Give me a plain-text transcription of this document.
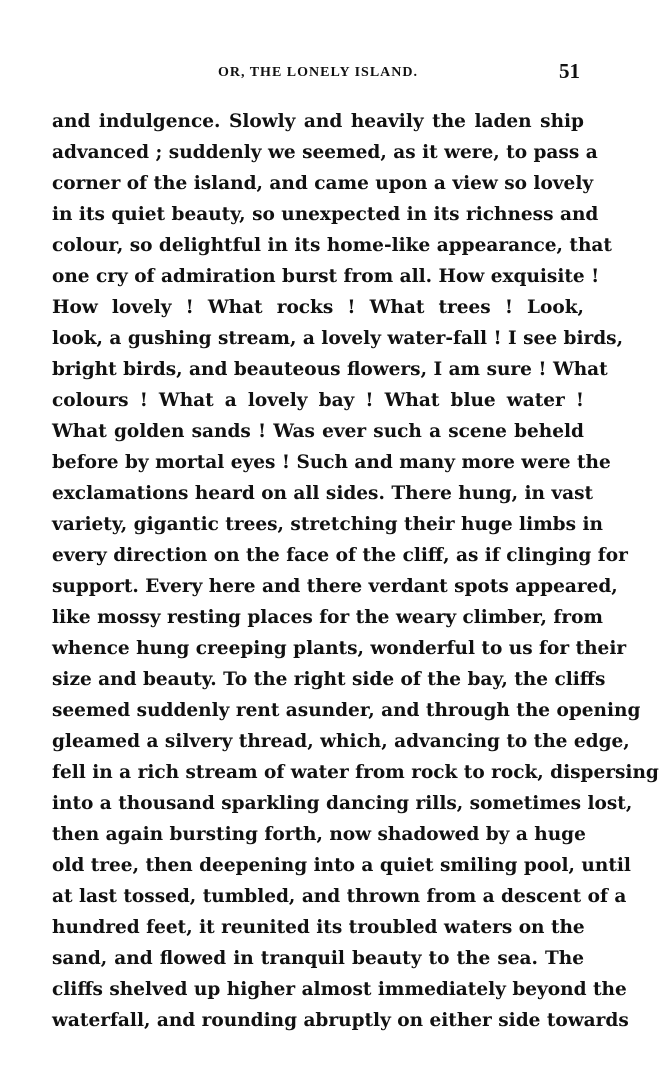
OR, THE LONELY ISLAND.	51
and indulgence. Slowly and heavily the laden ship
advanced ; suddenly we seemed, as it were, to pass a
corner of the island, and came upon a view so lovely
in its quiet beauty, so unexpected in its richness and
colour, so delightful in its home-like appearance, that
one cry of admiration burst from all. How exquisite !
How lovely ! What rocks ! What trees ! Look,
look, a gushing stream, a lovely water-fall ! I see birds,
bright birds, and beauteous flowers, I am sure ! What
colours ! What a lovely bay ! What blue water !
What golden sands ! Was ever such a scene beheld
before by mortal eyes ! Such and many more were the
exclamations heard on all sides. There hung, in vast
variety, gigantic trees, stretching their huge limbs in
every direction on the face of the cliff, as if clinging for
support. Every here and there verdant spots appeared,
like mossy resting places for the weary climber, from
whence hung creeping plants, wonderful to us for their
size and beauty. To the right side of the bay, the cliffs
seemed suddenly rent asunder, and through the opening
gleamed a silvery thread, which, advancing to the edge,
fell in a rich stream of water from rock to rock, dispersing
into a thousand sparkling dancing rills, sometimes lost,
then again bursting forth, now shadowed by a huge
old tree, then deepening into a quiet smiling pool, until
at last tossed, tumbled, and thrown from a descent of a
hundred feet, it reunited its troubled waters on the
sand, and flowed in tranquil beauty to the sea. The
cliffs shelved up higher almost immediately beyond the
waterfall, and rounding abruptly on either side towards
